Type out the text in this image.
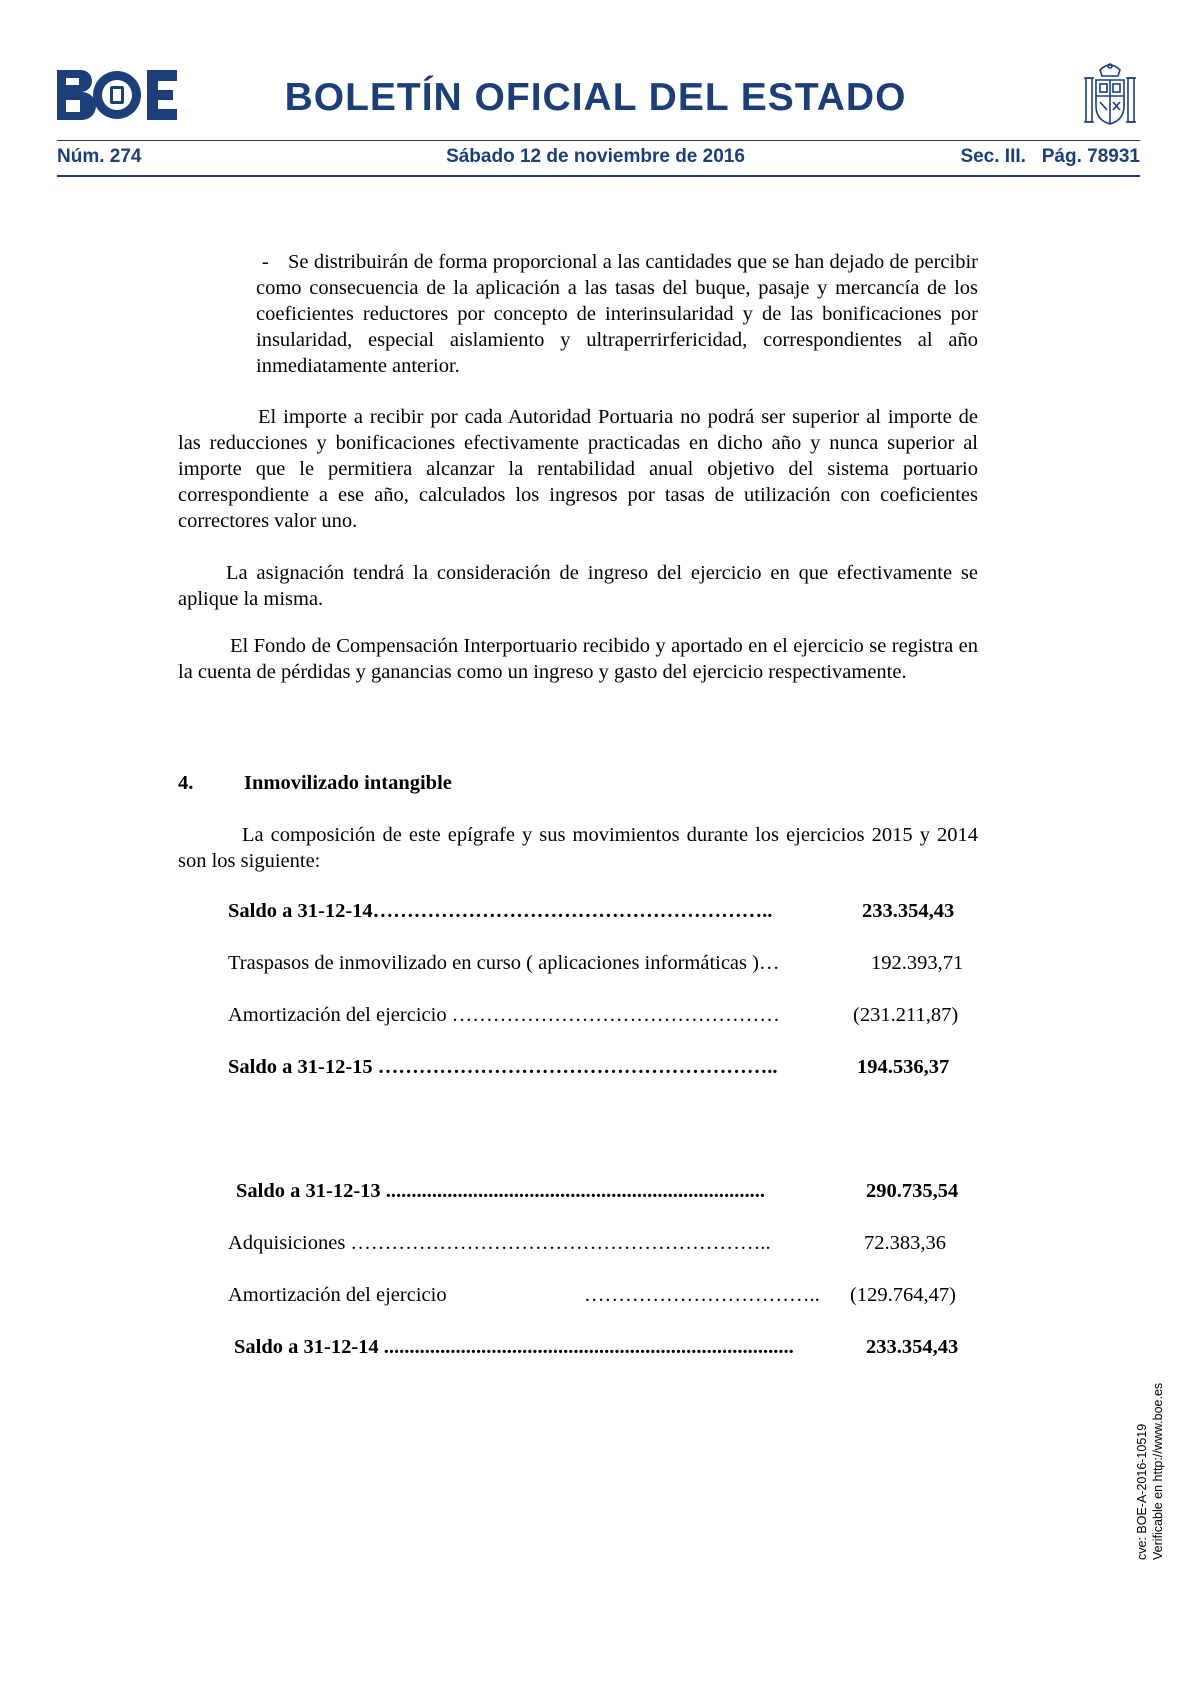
BOLETÍN OFICIAL DEL ESTADO
Núm. 274	Sábado 12 de noviembre de 2016	Sec. III.   Pág. 78931
- Se distribuirán de forma proporcional a las cantidades que se han dejado de percibir como consecuencia de la aplicación a las tasas del buque, pasaje y mercancía de los coeficientes reductores por concepto de interinsularidad y de las bonificaciones por insularidad, especial aislamiento y ultraperrirfericidad, correspondientes al año inmediatamente anterior.
El importe a recibir por cada Autoridad Portuaria no podrá ser superior al importe de las reducciones y bonificaciones efectivamente practicadas en dicho año y nunca superior al importe que le permitiera alcanzar la rentabilidad anual objetivo del sistema portuario correspondiente a ese año, calculados los ingresos por tasas de utilización con coeficientes correctores valor uno.
La asignación tendrá la consideración de ingreso del ejercicio en que efectivamente se aplique la misma.
El Fondo de Compensación Interportuario recibido y aportado en el ejercicio se registra en la cuenta de pérdidas y ganancias como un ingreso y gasto del ejercicio respectivamente.
4. Inmovilizado intangible
La composición de este epígrafe y sus movimientos durante los ejercicios 2015 y 2014 son los siguiente:
Saldo a 31-12-14…………………………………………………..	233.354,43
Traspasos de inmovilizado en curso ( aplicaciones informáticas )…	192.393,71
Amortización del ejercicio …………………………………………	(231.211,87)
Saldo a 31-12-15 …………………………………………………..	194.536,37
Saldo a 31-12-13 ..........................................................................	290.735,54
Adquisiciones ……………………………………………………..	72.383,36
Amortización del ejercicio	…………………………….. (129.764,47)
Saldo a 31-12-14 ................................................................................	233.354,43
cve: BOE-A-2016-10519 Verificable en http://www.boe.es
